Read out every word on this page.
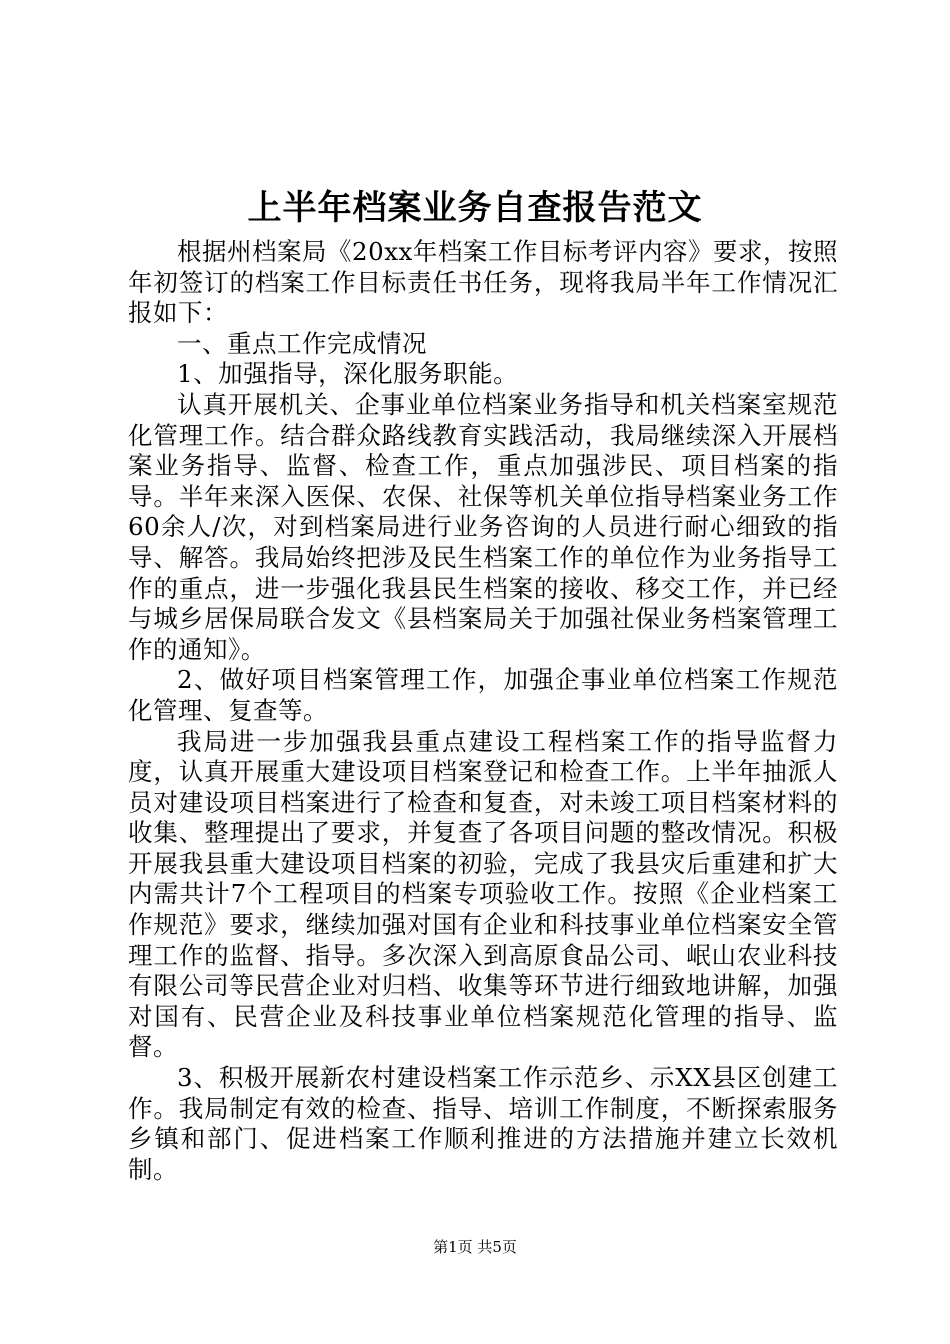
上半年档案业务自查报告范文

根据州档案局《20xx年档案工作目标考评内容》要求，按照年初签订的档案工作目标责任书任务，现将我局半年工作情况汇报如下：

一、重点工作完成情况

1、加强指导，深化服务职能。

认真开展机关、企事业单位档案业务指导和机关档案室规范化管理工作。结合群众路线教育实践活动，我局继续深入开展档案业务指导、监督、检查工作，重点加强涉民、项目档案的指导。半年来深入医保、农保、社保等机关单位指导档案业务工作60余人/次，对到档案局进行业务咨询的人员进行耐心细致的指导、解答。我局始终把涉及民生档案工作的单位作为业务指导工作的重点，进一步强化我县民生档案的接收、移交工作，并已经与城乡居保局联合发文《县档案局关于加强社保业务档案管理工作的通知》。

2、做好项目档案管理工作，加强企事业单位档案工作规范化管理、复查等。

我局进一步加强我县重点建设工程档案工作的指导监督力度，认真开展重大建设项目档案登记和检查工作。上半年抽派人员对建设项目档案进行了检查和复查，对未竣工项目档案材料的收集、整理提出了要求，并复查了各项目问题的整改情况。积极开展我县重大建设项目档案的初验，完成了我县灾后重建和扩大内需共计7个工程项目的档案专项验收工作。按照《企业档案工作规范》要求，继续加强对国有企业和科技事业单位档案安全管理工作的监督、指导。多次深入到高原食品公司、岷山农业科技有限公司等民营企业对归档、收集等环节进行细致地讲解，加强对国有、民营企业及科技事业单位档案规范化管理的指导、监督。

3、积极开展新农村建设档案工作示范乡、示XX县区创建工作。我局制定有效的检查、指导、培训工作制度，不断探索服务乡镇和部门、促进档案工作顺利推进的方法措施并建立长效机制。

第1页 共5页
